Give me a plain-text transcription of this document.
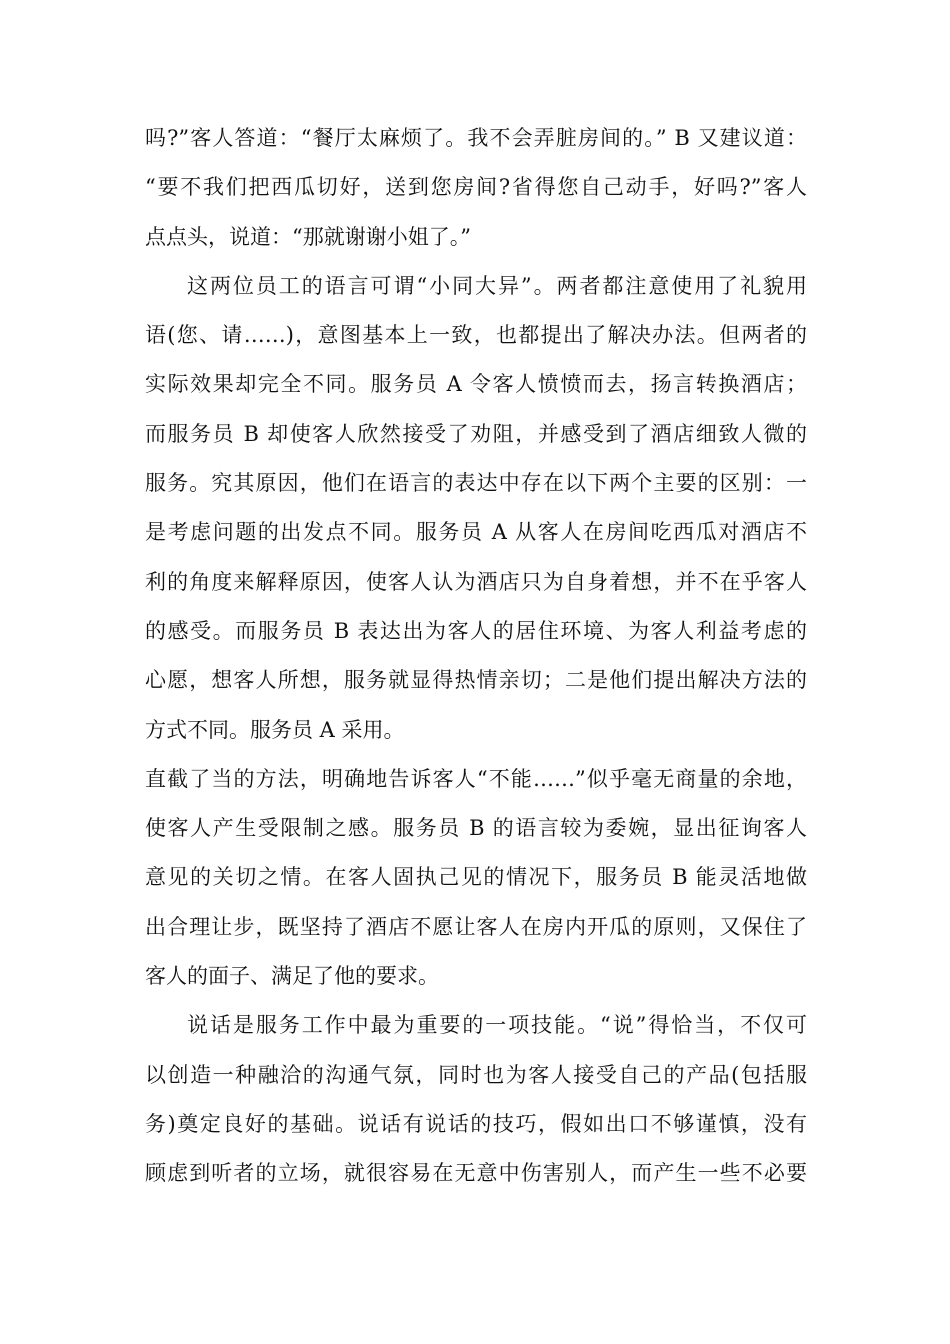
吗?”客人答道：“餐厅太麻烦了。我不会弄脏房间的。” B 又建议道：
“要不我们把西瓜切好，送到您房间?省得您自己动手，好吗?”客人
点点头，说道：“那就谢谢小姐了。”
这两位员工的语言可谓“小同大异”。两者都注意使用了礼貌用
语(您、请……)，意图基本上一致，也都提出了解决办法。但两者的
实际效果却完全不同。服务员 A 令客人愤愤而去，扬言转换酒店；
而服务员 B 却使客人欣然接受了劝阻，并感受到了酒店细致人微的
服务。究其原因，他们在语言的表达中存在以下两个主要的区别：一
是考虑问题的出发点不同。服务员 A 从客人在房间吃西瓜对酒店不
利的角度来解释原因，使客人认为酒店只为自身着想，并不在乎客人
的感受。而服务员 B 表达出为客人的居住环境、为客人利益考虑的
心愿，想客人所想，服务就显得热情亲切；二是他们提出解决方法的
方式不同。服务员 A 采用。
直截了当的方法，明确地告诉客人“不能……”似乎毫无商量的余地，
使客人产生受限制之感。服务员 B 的语言较为委婉，显出征询客人
意见的关切之情。在客人固执己见的情况下，服务员 B 能灵活地做
出合理让步，既坚持了酒店不愿让客人在房内开瓜的原则，又保住了
客人的面子、满足了他的要求。
说话是服务工作中最为重要的一项技能。“说”得恰当，不仅可
以创造一种融洽的沟通气氛，同时也为客人接受自己的产品(包括服
务)奠定良好的基础。说话有说话的技巧，假如出口不够谨慎，没有
顾虑到听者的立场，就很容易在无意中伤害别人，而产生一些不必要
